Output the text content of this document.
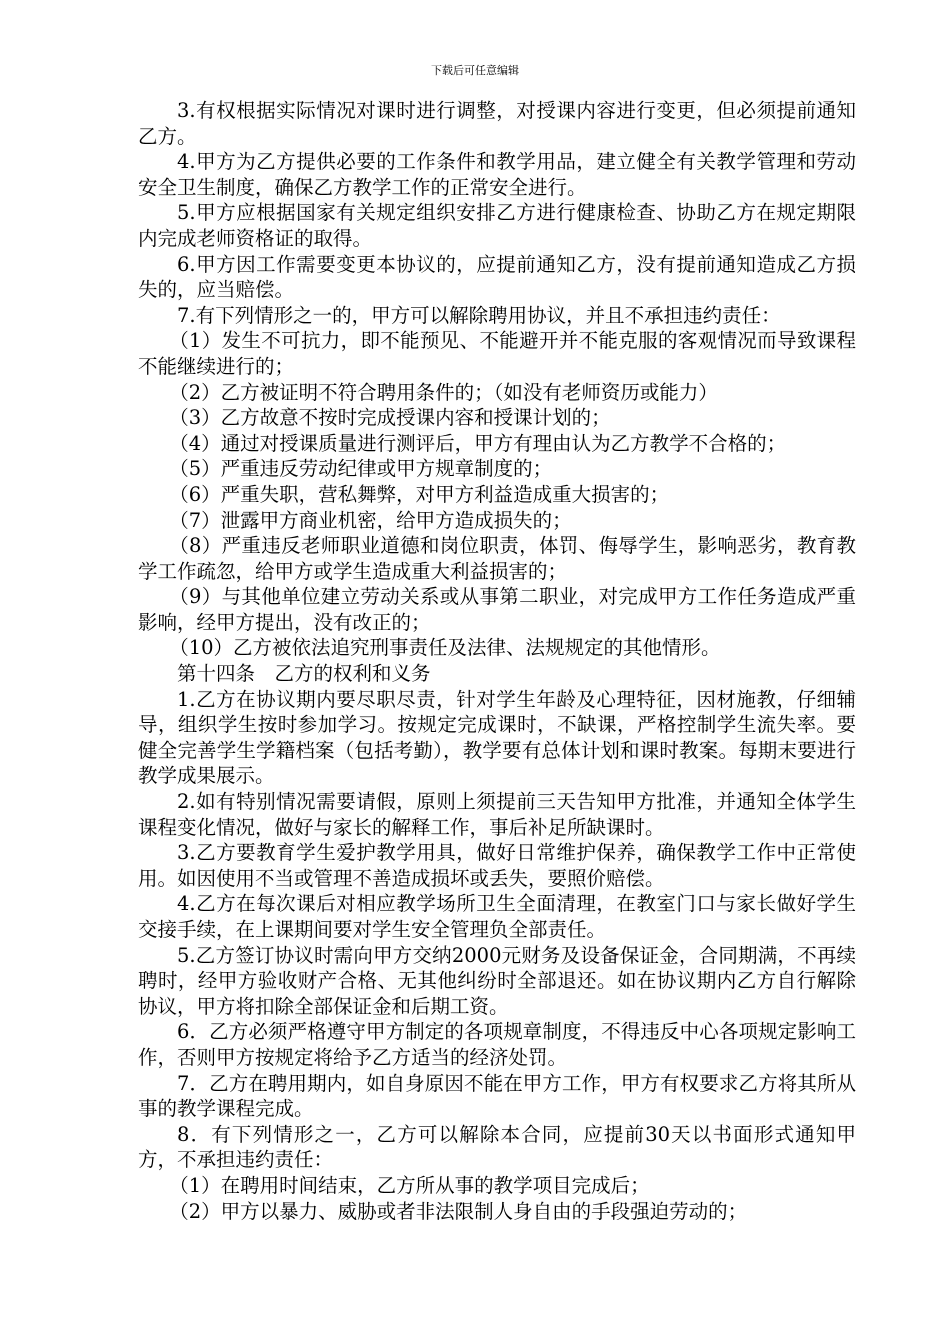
下载后可任意编辑

3.有权根据实际情况对课时进行调整，对授课内容进行变更，但必须提前通知乙方。

4.甲方为乙方提供必要的工作条件和教学用品，建立健全有关教学管理和劳动安全卫生制度，确保乙方教学工作的正常安全进行。

5.甲方应根据国家有关规定组织安排乙方进行健康检查、协助乙方在规定期限内完成老师资格证的取得。

6.甲方因工作需要变更本协议的，应提前通知乙方，没有提前通知造成乙方损失的，应当赔偿。

7.有下列情形之一的，甲方可以解除聘用协议，并且不承担违约责任：

（1）发生不可抗力，即不能预见、不能避开并不能克服的客观情况而导致课程不能继续进行的；

（2）乙方被证明不符合聘用条件的；（如没有老师资历或能力）

（3）乙方故意不按时完成授课内容和授课计划的；

（4）通过对授课质量进行测评后，甲方有理由认为乙方教学不合格的；

（5）严重违反劳动纪律或甲方规章制度的；

（6）严重失职，营私舞弊，对甲方利益造成重大损害的；

（7）泄露甲方商业机密，给甲方造成损失的；

（8）严重违反老师职业道德和岗位职责，体罚、侮辱学生，影响恶劣，教育教学工作疏忽，给甲方或学生造成重大利益损害的；

（9）与其他单位建立劳动关系或从事第二职业，对完成甲方工作任务造成严重影响，经甲方提出，没有改正的；

（10）乙方被依法追究刑事责任及法律、法规规定的其他情形。

第十四条　乙方的权利和义务

1.乙方在协议期内要尽职尽责，针对学生年龄及心理特征，因材施教，仔细辅导，组织学生按时参加学习。按规定完成课时，不缺课，严格控制学生流失率。要健全完善学生学籍档案（包括考勤），教学要有总体计划和课时教案。每期末要进行教学成果展示。

2.如有特别情况需要请假，原则上须提前三天告知甲方批准，并通知全体学生课程变化情况，做好与家长的解释工作，事后补足所缺课时。

3.乙方要教育学生爱护教学用具，做好日常维护保养，确保教学工作中正常使用。如因使用不当或管理不善造成损坏或丢失，要照价赔偿。

4.乙方在每次课后对相应教学场所卫生全面清理，在教室门口与家长做好学生交接手续，在上课期间要对学生安全管理负全部责任。

5.乙方签订协议时需向甲方交纳2000元财务及设备保证金，合同期满，不再续聘时，经甲方验收财产合格、无其他纠纷时全部退还。如在协议期内乙方自行解除协议，甲方将扣除全部保证金和后期工资。

6．乙方必须严格遵守甲方制定的各项规章制度，不得违反中心各项规定影响工作，否则甲方按规定将给予乙方适当的经济处罚。

7．乙方在聘用期内，如自身原因不能在甲方工作，甲方有权要求乙方将其所从事的教学课程完成。

8．有下列情形之一，乙方可以解除本合同，应提前30天以书面形式通知甲方，不承担违约责任：

（1）在聘用时间结束，乙方所从事的教学项目完成后；

（2）甲方以暴力、威胁或者非法限制人身自由的手段强迫劳动的；
